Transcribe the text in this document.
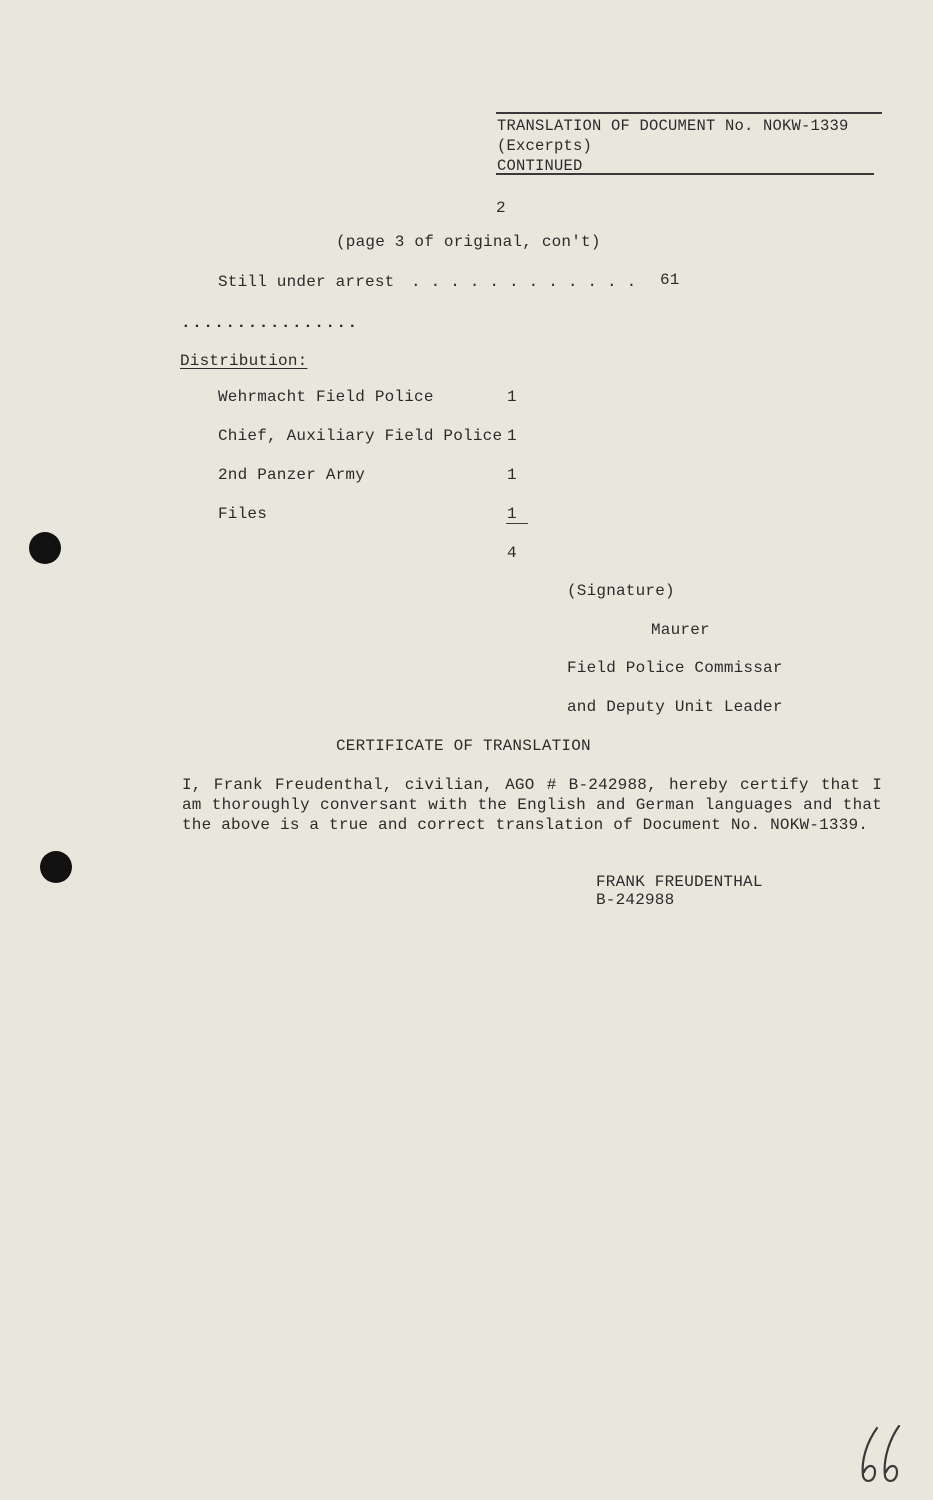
TRANSLATION OF DOCUMENT No. NOKW-1339
(Excerpts)
CONTINUED
2
(page 3 of original, con't)
Still under arrest . . . . . . . . . . . . 61
................
Distribution:
Wehrmacht Field Police	1
Chief, Auxiliary Field Police 1
2nd Panzer Army	1
Files	1
4
(Signature)
Maurer
Field Police Commissar
and Deputy Unit Leader
CERTIFICATE OF TRANSLATION
I, Frank Freudenthal, civilian, AGO # B-242988, hereby certify that I am thoroughly conversant with the English and German languages and that the above is a true and correct translation of Document No. NOKW-1339.
FRANK FREUDENTHAL
B-242988
